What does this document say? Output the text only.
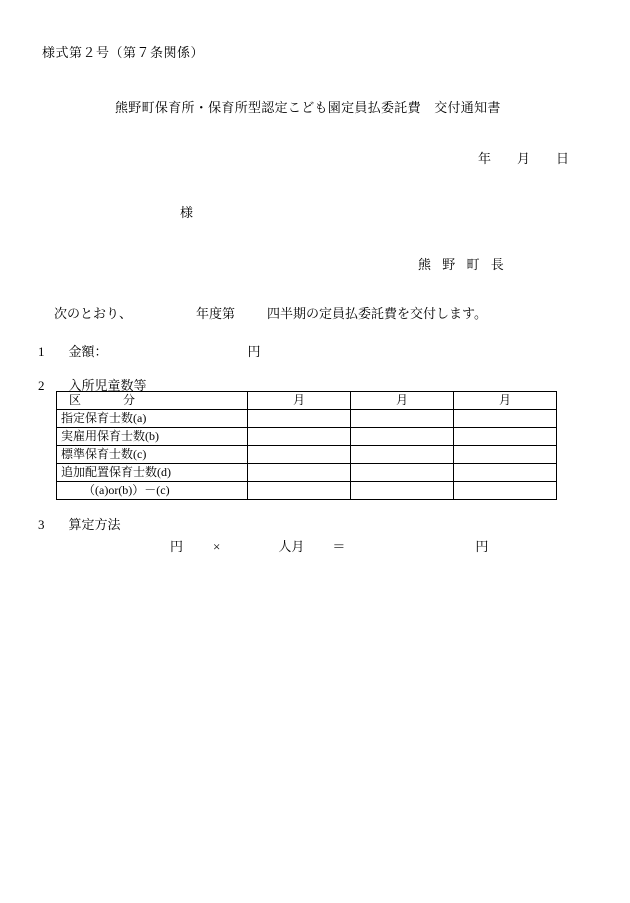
様式第２号（第７条関係）
熊野町保育所・保育所型認定こども園定員払委託費　交付通知書
年 月 日
様
熊 野 町 長
次のとおり、	年度第 四半期の定員払委託費を交付します。
1 金額：	円
2 入所児童数等
区　　分	月	月	月
指定保育士数(a)			
実雇用保育士数(b)			
標準保育士数(c)			
追加配置保育士数(d)			
（(a)or(b)）－(c)			
3 算定方法
円 ×	人月 ＝	円
